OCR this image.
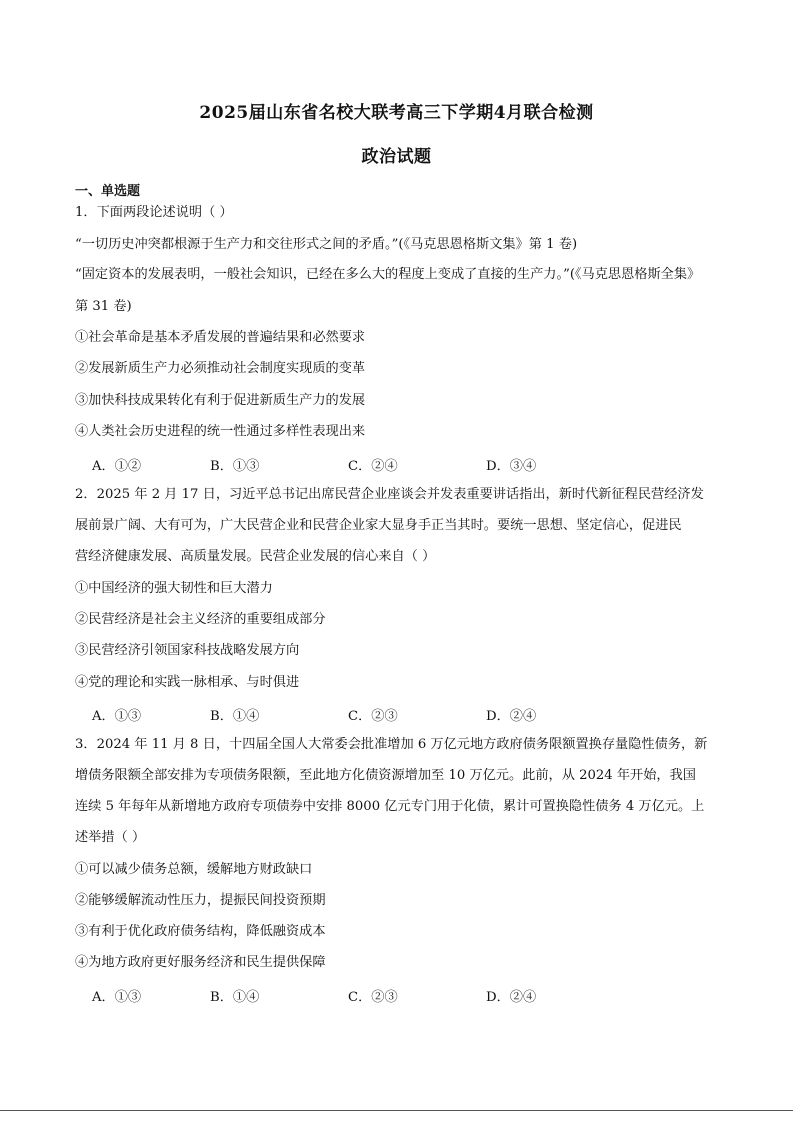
2025届山东省名校大联考高三下学期4月联合检测
政治试题
一、单选题
1．下面两段论述说明（ ）
“一切历史冲突都根源于生产力和交往形式之间的矛盾。”(《马克思恩格斯文集》第 1 卷)
“固定资本的发展表明，一般社会知识，已经在多么大的程度上变成了直接的生产力。”(《马克思恩格斯全集》
第 31 卷)
①社会革命是基本矛盾发展的普遍结果和必然要求
②发展新质生产力必须推动社会制度实现质的变革
③加快科技成果转化有利于促进新质生产力的发展
④人类社会历史进程的统一性通过多样性表现出来
A．①②	B．①③	C．②④	D．③④
2．2025 年 2 月 17 日，习近平总书记出席民营企业座谈会并发表重要讲话指出，新时代新征程民营经济发
展前景广阔、大有可为，广大民营企业和民营企业家大显身手正当其时。要统一思想、坚定信心，促进民
营经济健康发展、高质量发展。民营企业发展的信心来自（ ）
①中国经济的强大韧性和巨大潜力
②民营经济是社会主义经济的重要组成部分
③民营经济引领国家科技战略发展方向
④党的理论和实践一脉相承、与时俱进
A．①③	B．①④	C．②③	D．②④
3．2024 年 11 月 8 日，十四届全国人大常委会批准增加 6 万亿元地方政府债务限额置换存量隐性债务，新
增债务限额全部安排为专项债务限额，至此地方化债资源增加至 10 万亿元。此前，从 2024 年开始，我国
连续 5 年每年从新增地方政府专项债券中安排 8000 亿元专门用于化债，累计可置换隐性债务 4 万亿元。上
述举措（ ）
①可以减少债务总额，缓解地方财政缺口
②能够缓解流动性压力，提振民间投资预期
③有利于优化政府债务结构，降低融资成本
④为地方政府更好服务经济和民生提供保障
A．①③	B．①④	C．②③	D．②④
